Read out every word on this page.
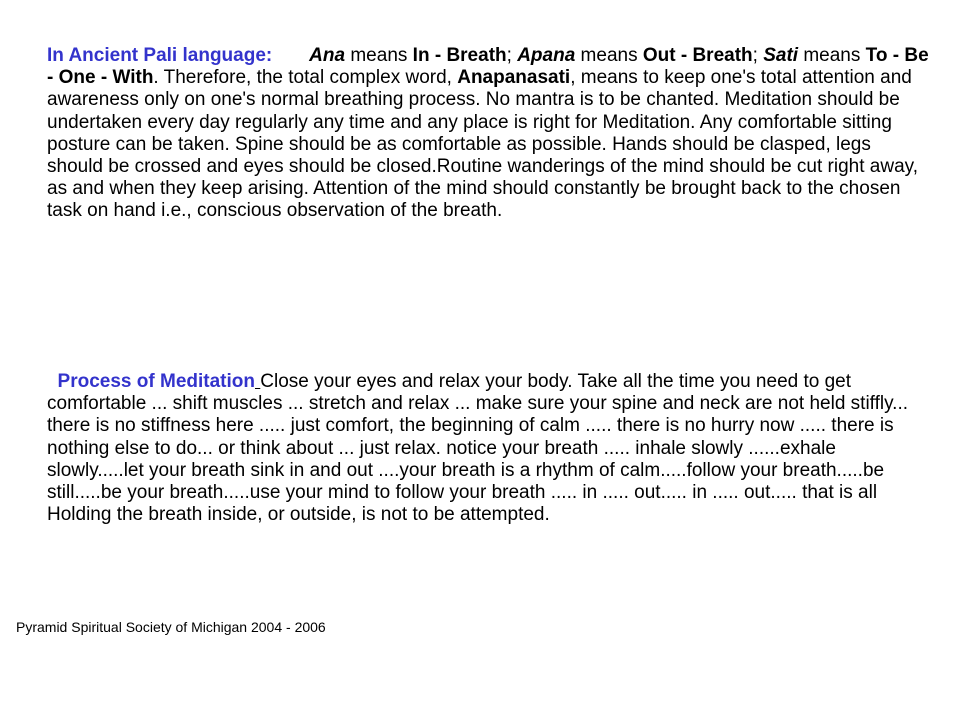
In Ancient Pali language: Ana means In - Breath; Apana means Out - Breath; Sati means To - Be - One - With. Therefore, the total complex word, Anapanasati, means to keep one's total attention and awareness only on one's normal breathing process. No mantra is to be chanted. Meditation should be undertaken every day regularly any time and any place is right for Meditation. Any comfortable sitting posture can be taken. Spine should be as comfortable as possible. Hands should be clasped, legs should be crossed and eyes should be closed.Routine wanderings of the mind should be cut right away, as and when they keep arising. Attention of the mind should constantly be brought back to the chosen task on hand i.e., conscious observation of the breath.

Process of Meditation Close your eyes and relax your body. Take all the time you need to get comfortable ... shift muscles ... stretch and relax ... make sure your spine and neck are not held stiffly... there is no stiffness here ..... just comfort, the beginning of calm ..... there is no hurry now ..... there is nothing else to do... or think about ... just relax. notice your breath ..... inhale slowly ......exhale slowly.....let your breath sink in and out ....your breath is a rhythm of calm.....follow your breath.....be still.....be your breath.....use your mind to follow your breath ..... in ..... out..... in ..... out..... that is all Holding the breath inside, or outside, is not to be attempted.

Pyramid Spiritual Society of Michigan 2004 - 2006
